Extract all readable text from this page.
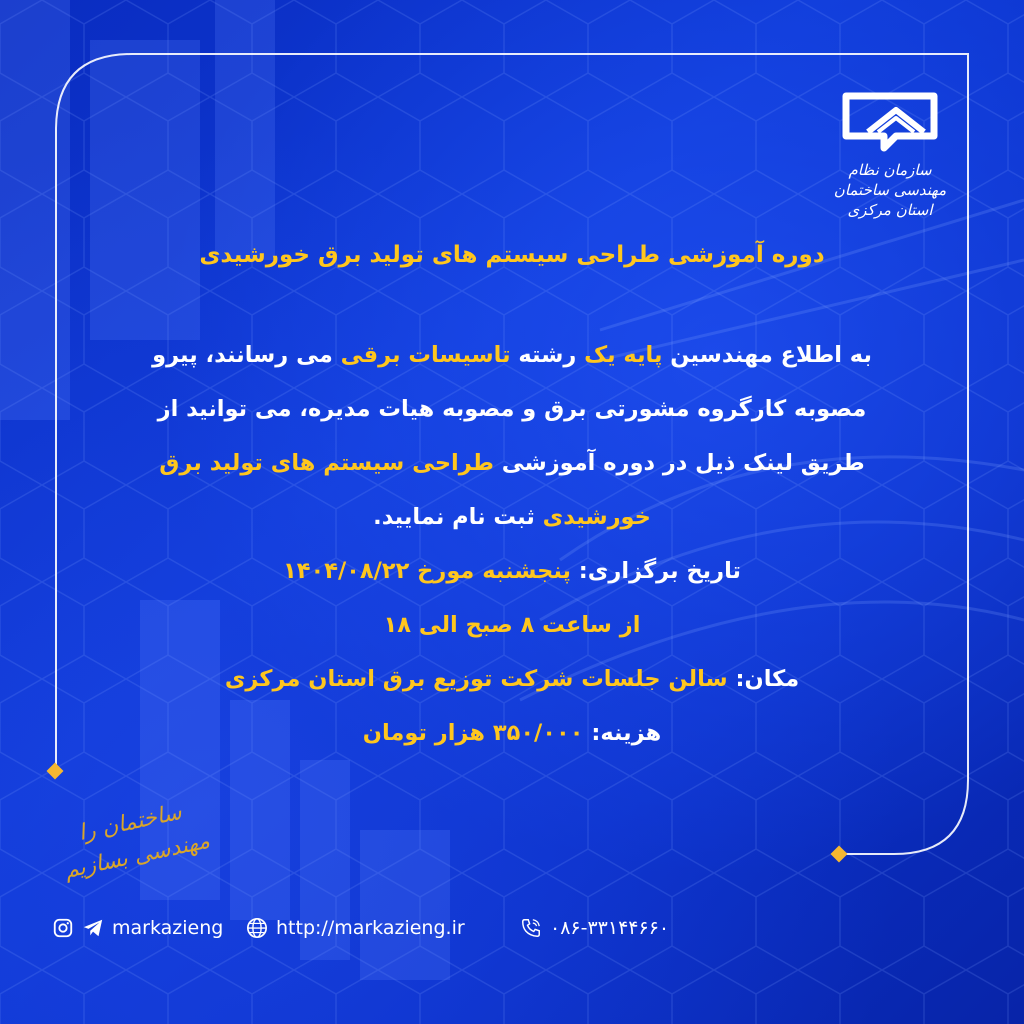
سازمان نظام مهندسی ساختمان
استان مرکزی
دوره آموزشی طراحی سیستم های تولید برق خورشیدی
به اطلاع مهندسین پایه یک رشته تاسیسات برقی می رسانند، پیرو
مصوبه کارگروه مشورتی برق و مصوبه هیات مدیره، می توانید از
طریق لینک ذیل در دوره آموزشی طراحی سیستم های تولید برق
خورشیدی ثبت نام نمایید.
تاریخ برگزاری: پنجشنبه مورخ ۱۴۰۴/۰۸/۲۲
از ساعت ۸ صبح الی ۱۸
مکان: سالن جلسات شرکت توزیع برق استان مرکزی
هزینه: ۳۵۰/۰۰۰ هزار تومان
ساختمان را مهندسی بسازیم
markazieng	http://markazieng.ir	۰۸۶-۳۳۱۴۴۶۶۰
